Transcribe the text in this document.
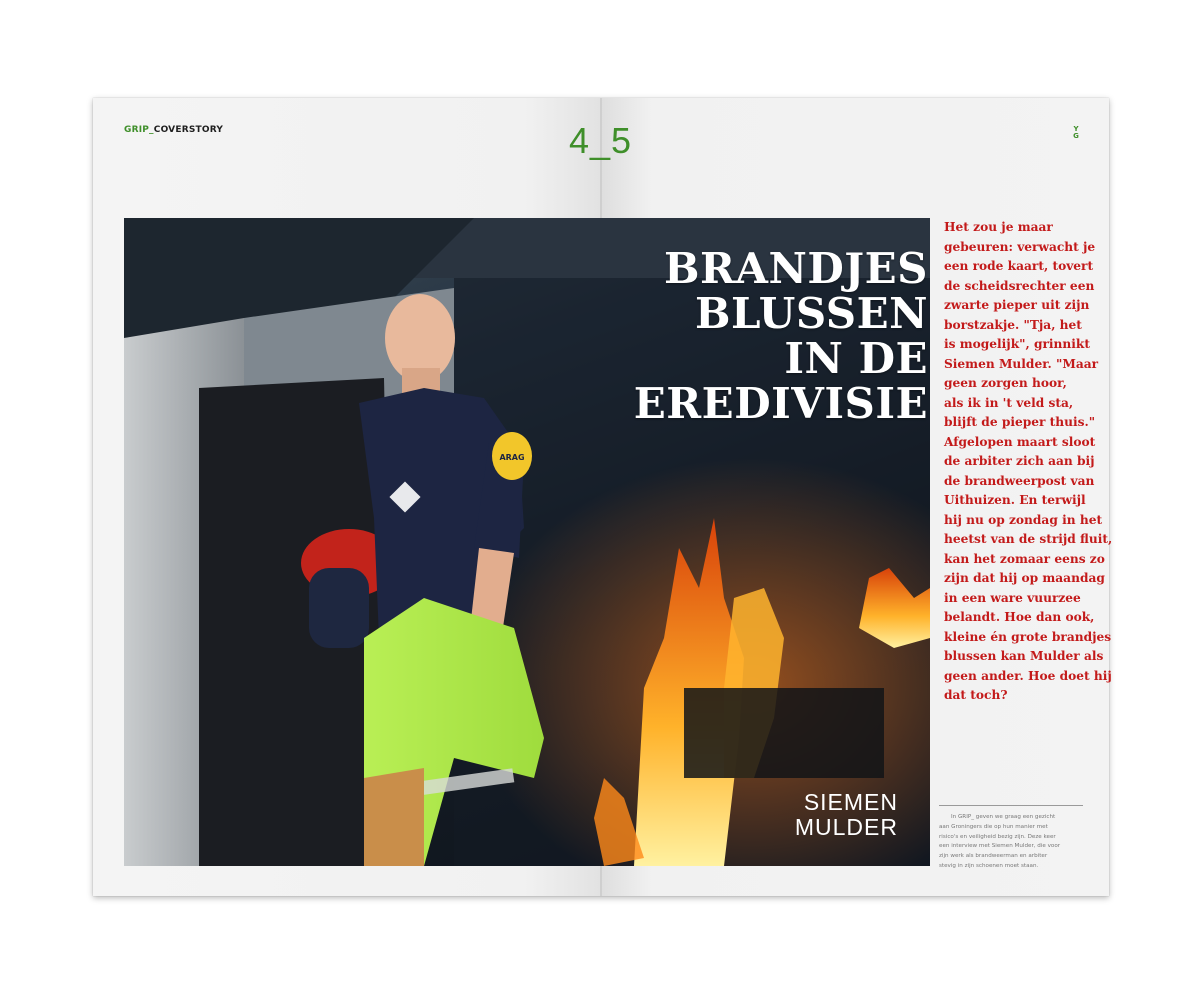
GRIP_COVERSTORY	4_5	Y
G
ARAG
BRANDJES
BLUSSEN
IN DE
EREDIVISIE
SIEMEN
MULDER
Het zou je maar
gebeuren: verwacht je
een rode kaart, tovert
de scheidsrechter een
zwarte pieper uit zijn
borstzakje. "Tja, het
is mogelijk", grinnikt
Siemen Mulder. "Maar
geen zorgen hoor,
als ik in 't veld sta,
blijft de pieper thuis."
Afgelopen maart sloot
de arbiter zich aan bij
de brandweerpost van
Uithuizen. En terwijl
hij nu op zondag in het
heetst van de strijd fluit,
kan het zomaar eens zo
zijn dat hij op maandag
in een ware vuurzee
belandt. Hoe dan ook,
kleine én grote brandjes
blussen kan Mulder als
geen ander. Hoe doet hij
dat toch?
In GRIP_ geven we graag een gezicht
aan Groningers die op hun manier met
risico's en veiligheid bezig zijn. Deze keer
een interview met Siemen Mulder, die voor
zijn werk als brandweerman en arbiter
stevig in zijn schoenen moet staan.
